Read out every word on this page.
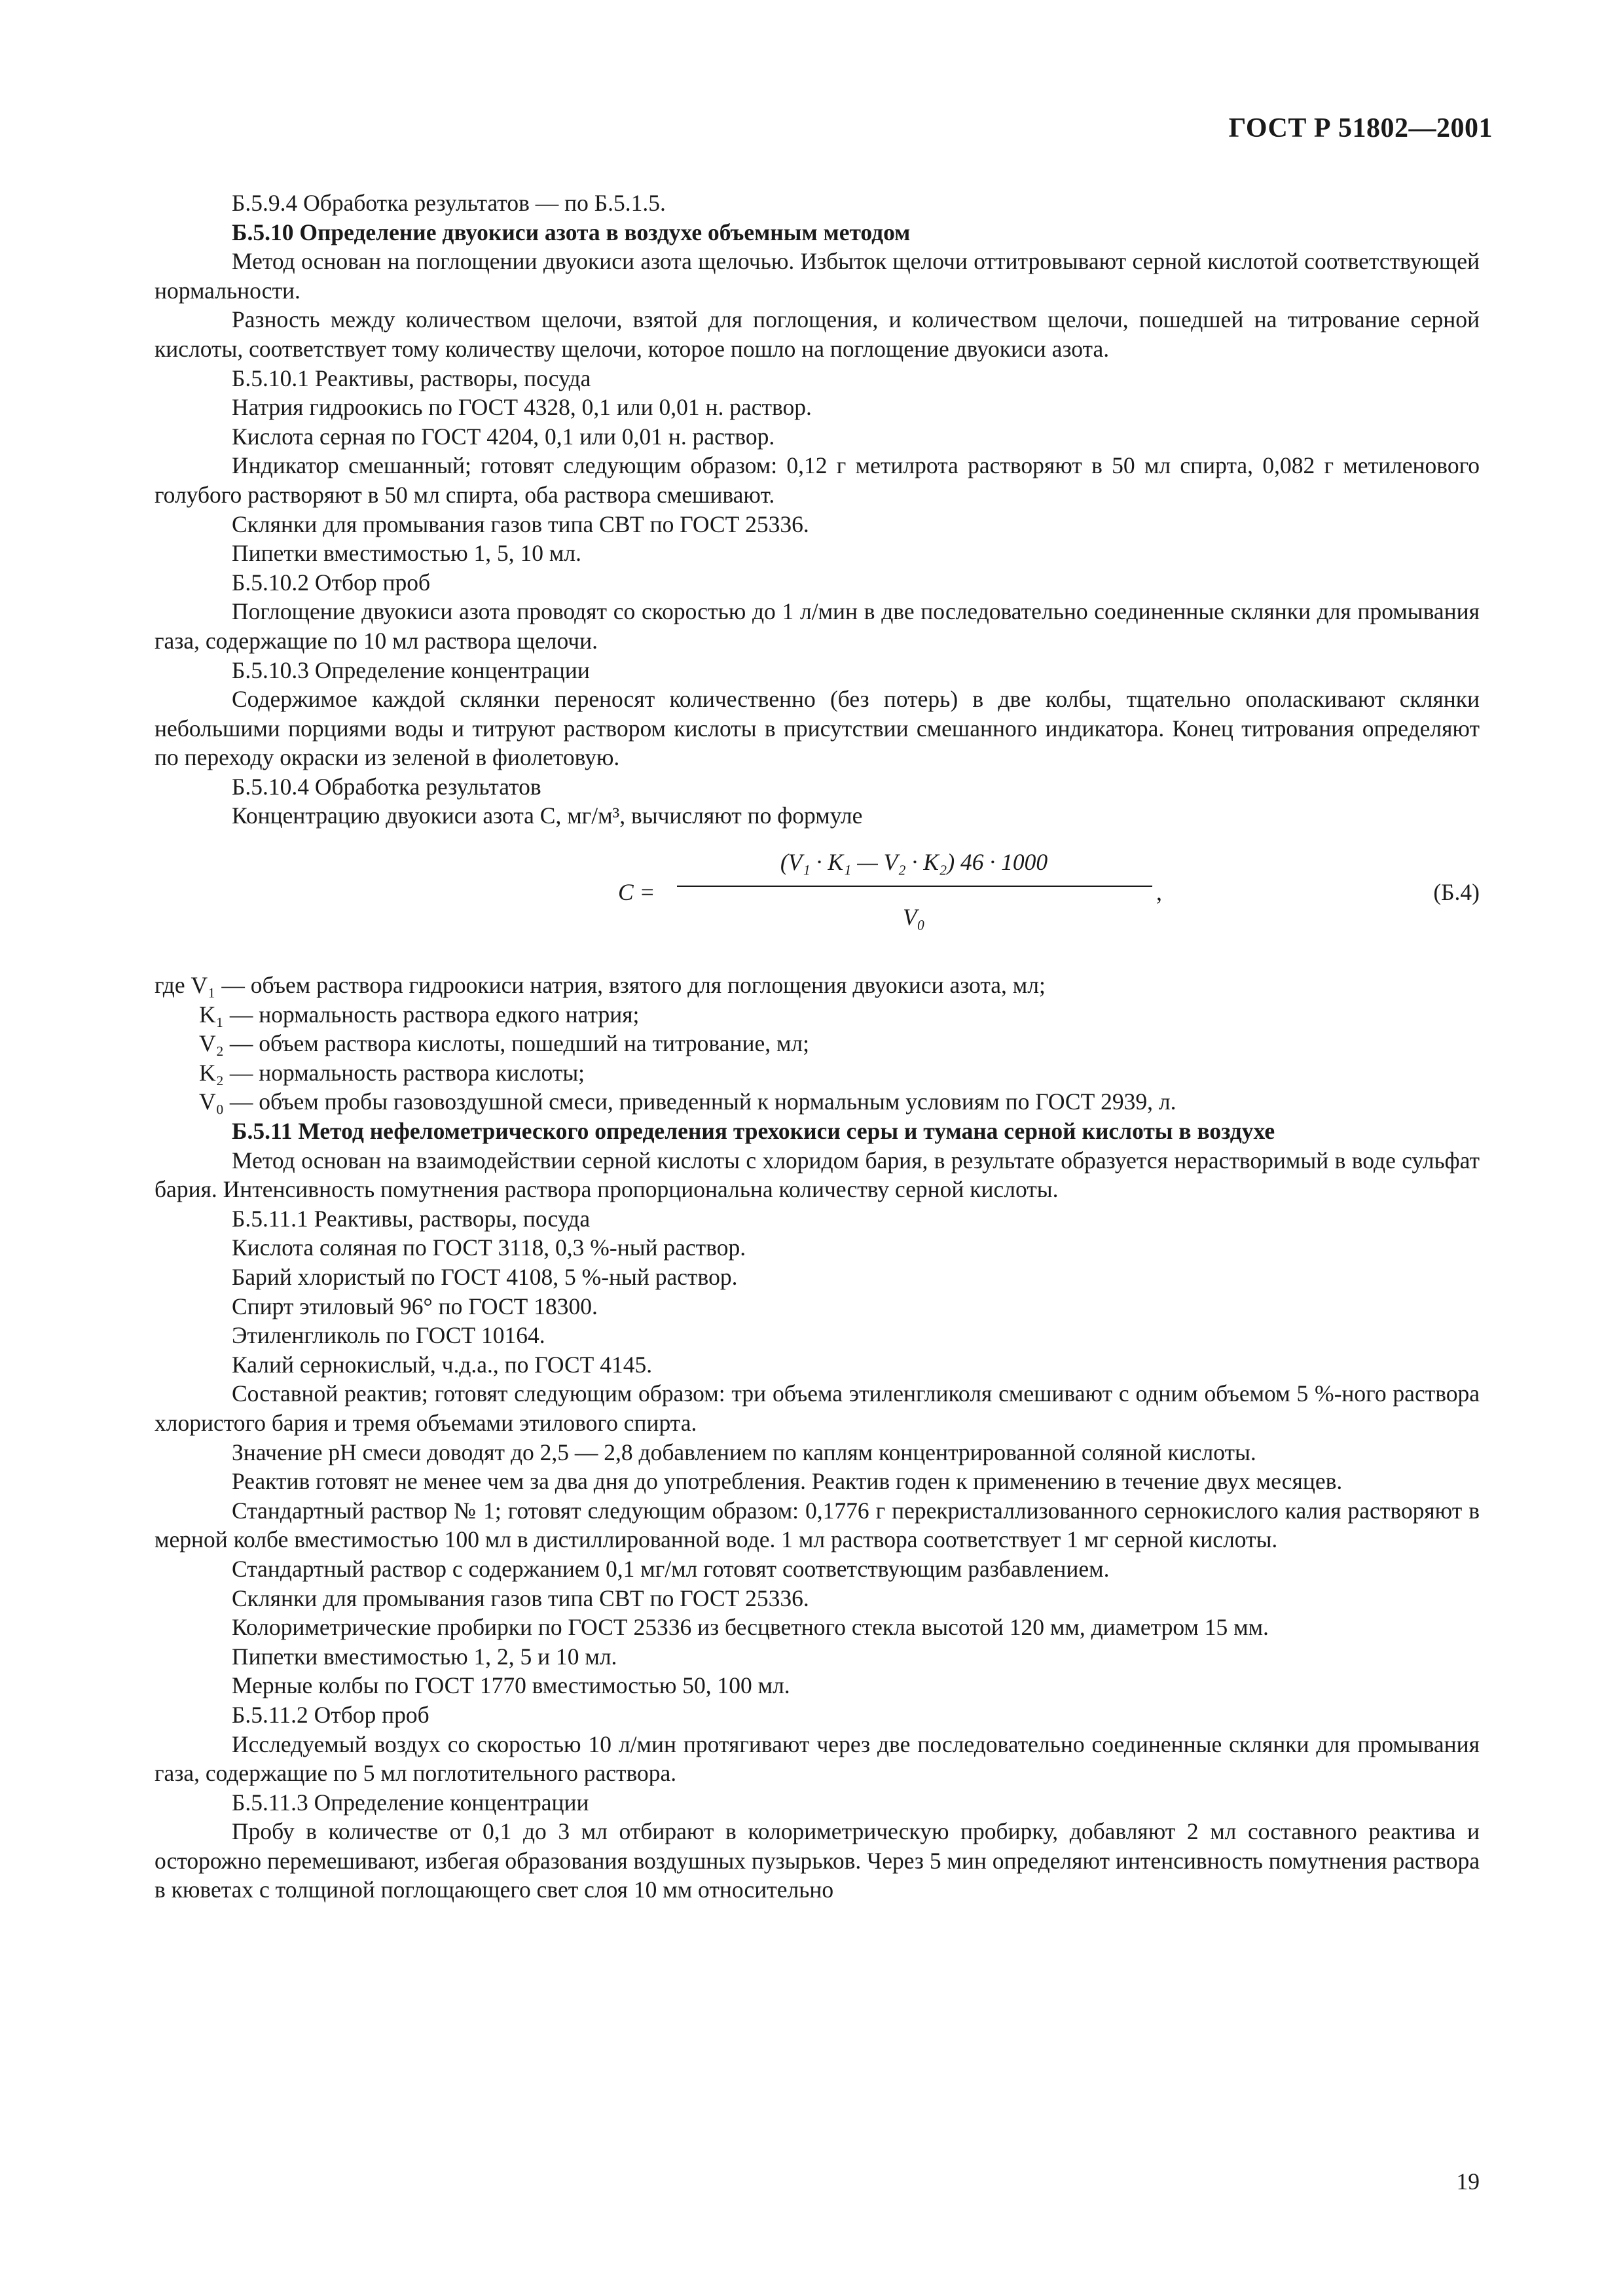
ГОСТ Р 51802—2001

Б.5.9.4 Обработка результатов — по Б.5.1.5.

Б.5.10 Определение двуокиси азота в воздухе объемным методом

Метод основан на поглощении двуокиси азота щелочью. Избыток щелочи оттитровывают серной кислотой соответствующей нормальности.

Разность между количеством щелочи, взятой для поглощения, и количеством щелочи, пошедшей на титрование серной кислоты, соответствует тому количеству щелочи, которое пошло на поглощение двуокиси азота.

Б.5.10.1 Реактивы, растворы, посуда

Натрия гидроокись по ГОСТ 4328, 0,1 или 0,01 н. раствор.

Кислота серная по ГОСТ 4204, 0,1 или 0,01 н. раствор.

Индикатор смешанный; готовят следующим образом: 0,12 г метилрота растворяют в 50 мл спирта, 0,082 г метиленового голубого растворяют в 50 мл спирта, оба раствора смешивают.

Склянки для промывания газов типа СВТ по ГОСТ 25336.

Пипетки вместимостью 1, 5, 10 мл.

Б.5.10.2 Отбор проб

Поглощение двуокиси азота проводят со скоростью до 1 л/мин в две последовательно соединенные склянки для промывания газа, содержащие по 10 мл раствора щелочи.

Б.5.10.3 Определение концентрации

Содержимое каждой склянки переносят количественно (без потерь) в две колбы, тщательно ополаскивают склянки небольшими порциями воды и титруют раствором кислоты в присутствии смешанного индикатора. Конец титрования определяют по переходу окраски из зеленой в фиолетовую.

Б.5.10.4 Обработка результатов

Концентрацию двуокиси азота C, мг/м³, вычисляют по формуле

C =
(V₁ · K₁ — V₂ · K₂) 46 · 1000
V₀
,	(Б.4)

где V₁ — объем раствора гидроокиси натрия, взятого для поглощения двуокиси азота, мл;

K₁ — нормальность раствора едкого натрия;

V₂ — объем раствора кислоты, пошедший на титрование, мл;

K₂ — нормальность раствора кислоты;

V₀ — объем пробы газовоздушной смеси, приведенный к нормальным условиям по ГОСТ 2939, л.

Б.5.11 Метод нефелометрического определения трехокиси серы и тумана серной кислоты в воздухе

Метод основан на взаимодействии серной кислоты с хлоридом бария, в результате образуется нерастворимый в воде сульфат бария. Интенсивность помутнения раствора пропорциональна количеству серной кислоты.

Б.5.11.1 Реактивы, растворы, посуда

Кислота соляная по ГОСТ 3118, 0,3 %-ный раствор.

Барий хлористый по ГОСТ 4108, 5 %-ный раствор.

Спирт этиловый 96° по ГОСТ 18300.

Этиленгликоль по ГОСТ 10164.

Калий сернокислый, ч.д.а., по ГОСТ 4145.

Составной реактив; готовят следующим образом: три объема этиленгликоля смешивают с одним объемом 5 %-ного раствора хлористого бария и тремя объемами этилового спирта.

Значение pH смеси доводят до 2,5 — 2,8 добавлением по каплям концентрированной соляной кислоты.

Реактив готовят не менее чем за два дня до употребления. Реактив годен к применению в течение двух месяцев.

Стандартный раствор № 1; готовят следующим образом: 0,1776 г перекристаллизованного сернокислого калия растворяют в мерной колбе вместимостью 100 мл в дистиллированной воде. 1 мл раствора соответствует 1 мг серной кислоты.

Стандартный раствор с содержанием 0,1 мг/мл готовят соответствующим разбавлением.

Склянки для промывания газов типа СВТ по ГОСТ 25336.

Колориметрические пробирки по ГОСТ 25336 из бесцветного стекла высотой 120 мм, диаметром 15 мм.

Пипетки вместимостью 1, 2, 5 и 10 мл.

Мерные колбы по ГОСТ 1770 вместимостью 50, 100 мл.

Б.5.11.2 Отбор проб

Исследуемый воздух со скоростью 10 л/мин протягивают через две последовательно соединенные склянки для промывания газа, содержащие по 5 мл поглотительного раствора.

Б.5.11.3 Определение концентрации

Пробу в количестве от 0,1 до 3 мл отбирают в колориметрическую пробирку, добавляют 2 мл составного реактива и осторожно перемешивают, избегая образования воздушных пузырьков. Через 5 мин определяют интенсивность помутнения раствора в кюветах с толщиной поглощающего свет слоя 10 мм относительно

19
